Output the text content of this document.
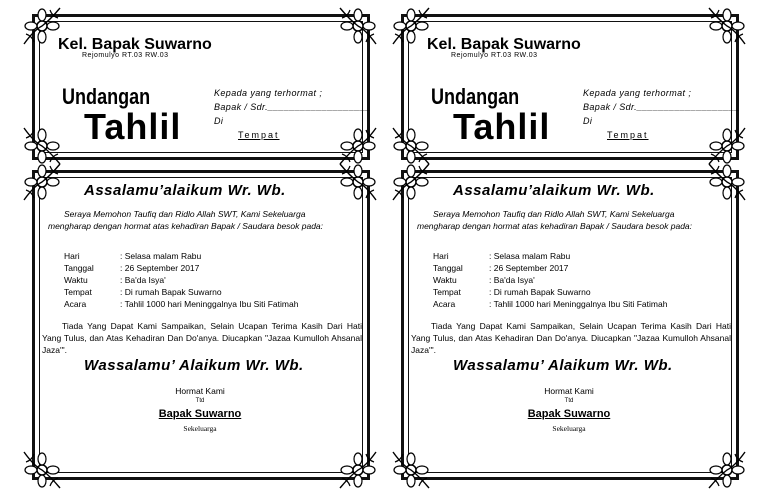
Kel. Bapak Suwarno
Rejomulyo RT.03 RW.03
Undangan
Tahlil
Kepada yang terhormat ;
Bapak / Sdr.___________________
Di
Tempat
Assalamu’alaikum Wr. Wb.
Seraya Memohon Taufiq dan Ridlo Allah SWT, Kami Sekeluarga mengharap dengan hormat atas kehadiran Bapak / Saudara besok pada:
Hari	: Selasa malam Rabu
Tanggal	: 26 September 2017
Waktu	: Ba'da Isya'
Tempat	: Di rumah Bapak Suwarno
Acara	: Tahlil 1000 hari Meninggalnya Ibu Siti Fatimah
Tiada Yang Dapat Kami Sampaikan, Selain Ucapan Terima Kasih Dari Hati Yang Tulus, dan Atas Kehadiran Dan Do'anya. Diucapkan "Jazaa Kumulloh Ahsanal Jaza'".
Wassalamu’ Alaikum Wr. Wb.
Hormat Kami
Ttd
Bapak Suwarno
Sekeluarga
Kel. Bapak Suwarno
Rejomulyo RT.03 RW.03
Undangan
Tahlil
Kepada yang terhormat ;
Bapak / Sdr.___________________
Di
Tempat
Assalamu’alaikum Wr. Wb.
Seraya Memohon Taufiq dan Ridlo Allah SWT, Kami Sekeluarga mengharap dengan hormat atas kehadiran Bapak / Saudara besok pada:
Hari	: Selasa malam Rabu
Tanggal	: 26 September 2017
Waktu	: Ba'da Isya'
Tempat	: Di rumah Bapak Suwarno
Acara	: Tahlil 1000 hari Meninggalnya Ibu Siti Fatimah
Tiada Yang Dapat Kami Sampaikan, Selain Ucapan Terima Kasih Dari Hati Yang Tulus, dan Atas Kehadiran Dan Do'anya. Diucapkan "Jazaa Kumulloh Ahsanal Jaza'".
Wassalamu’ Alaikum Wr. Wb.
Hormat Kami
Ttd
Bapak Suwarno
Sekeluarga
